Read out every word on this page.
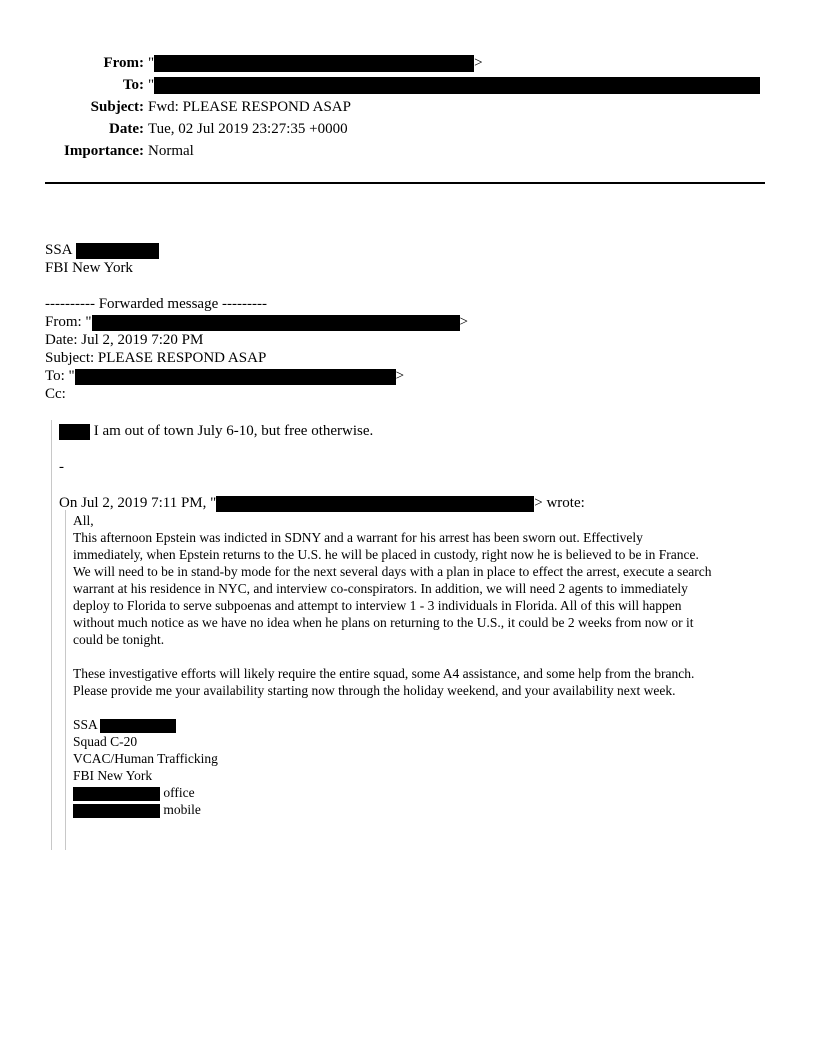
From: "	>
To: "
Subject: Fwd: PLEASE RESPOND ASAP
Date: Tue, 02 Jul 2019 23:27:35 +0000
Importance: Normal
SSA
FBI New York
---------- Forwarded message ---------
From: "	>
Date: Jul 2, 2019 7:20 PM
Subject: PLEASE RESPOND ASAP
To: "	>
Cc:
I am out of town July 6-10, but free otherwise.
-
On Jul 2, 2019 7:11 PM, "	> wrote:
All,
This afternoon Epstein was indicted in SDNY and a warrant for his arrest has been sworn out. Effectively
immediately, when Epstein returns to the U.S. he will be placed in custody, right now he is believed to be in France.
We will need to be in stand-by mode for the next several days with a plan in place to effect the arrest, execute a search
warrant at his residence in NYC, and interview co-conspirators. In addition, we will need 2 agents to immediately
deploy to Florida to serve subpoenas and attempt to interview 1 - 3 individuals in Florida. All of this will happen
without much notice as we have no idea when he plans on returning to the U.S., it could be 2 weeks from now or it
could be tonight.
These investigative efforts will likely require the entire squad, some A4 assistance, and some help from the branch.
Please provide me your availability starting now through the holiday weekend, and your availability next week.
SSA
Squad C-20
VCAC/Human Trafficking
FBI New York
office
mobile
